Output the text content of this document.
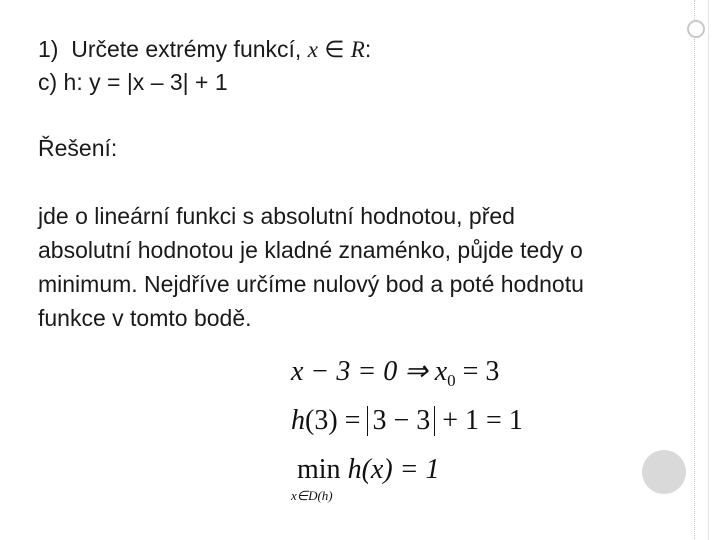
1) Určete extrémy funkcí, x ∈ R:
c) h: y = |x – 3| + 1
Řešení:
jde o lineární funkci s absolutní hodnotou, před
absolutní hodnotou je kladné znaménko, půjde tedy o
minimum. Nejdříve určíme nulový bod a poté hodnotu
funkce v tomto bodě.
x − 3 = 0 ⇒ $x_0 = 3$
h(3) = 3 − 3 + 1 = 1
min
x∈D(h)
h(x) = 1
